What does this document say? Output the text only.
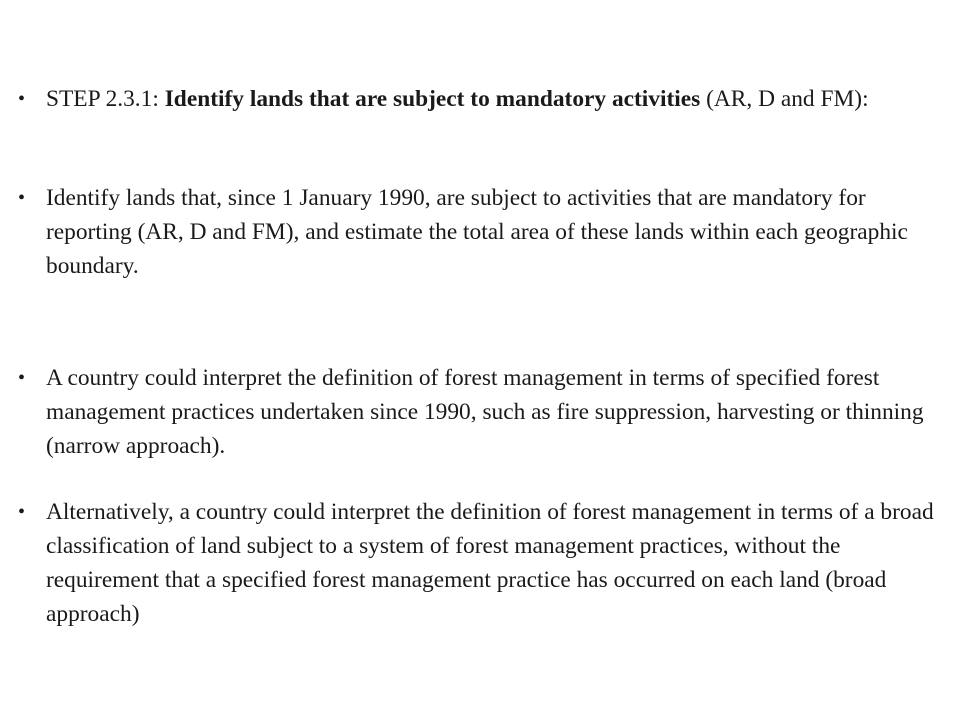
• STEP 2.3.1: Identify lands that are subject to mandatory activities (AR, D and FM):
• Identify lands that, since 1 January 1990, are subject to activities that are mandatory for reporting (AR, D and FM), and estimate the total area of these lands within each geographic boundary.
• A country could interpret the definition of forest management in terms of specified forest management practices undertaken since 1990, such as fire suppression, harvesting or thinning (narrow approach).
• Alternatively, a country could interpret the definition of forest management in terms of a broad classification of land subject to a system of forest management practices, without the requirement that a specified forest management practice has occurred on each land (broad approach)
